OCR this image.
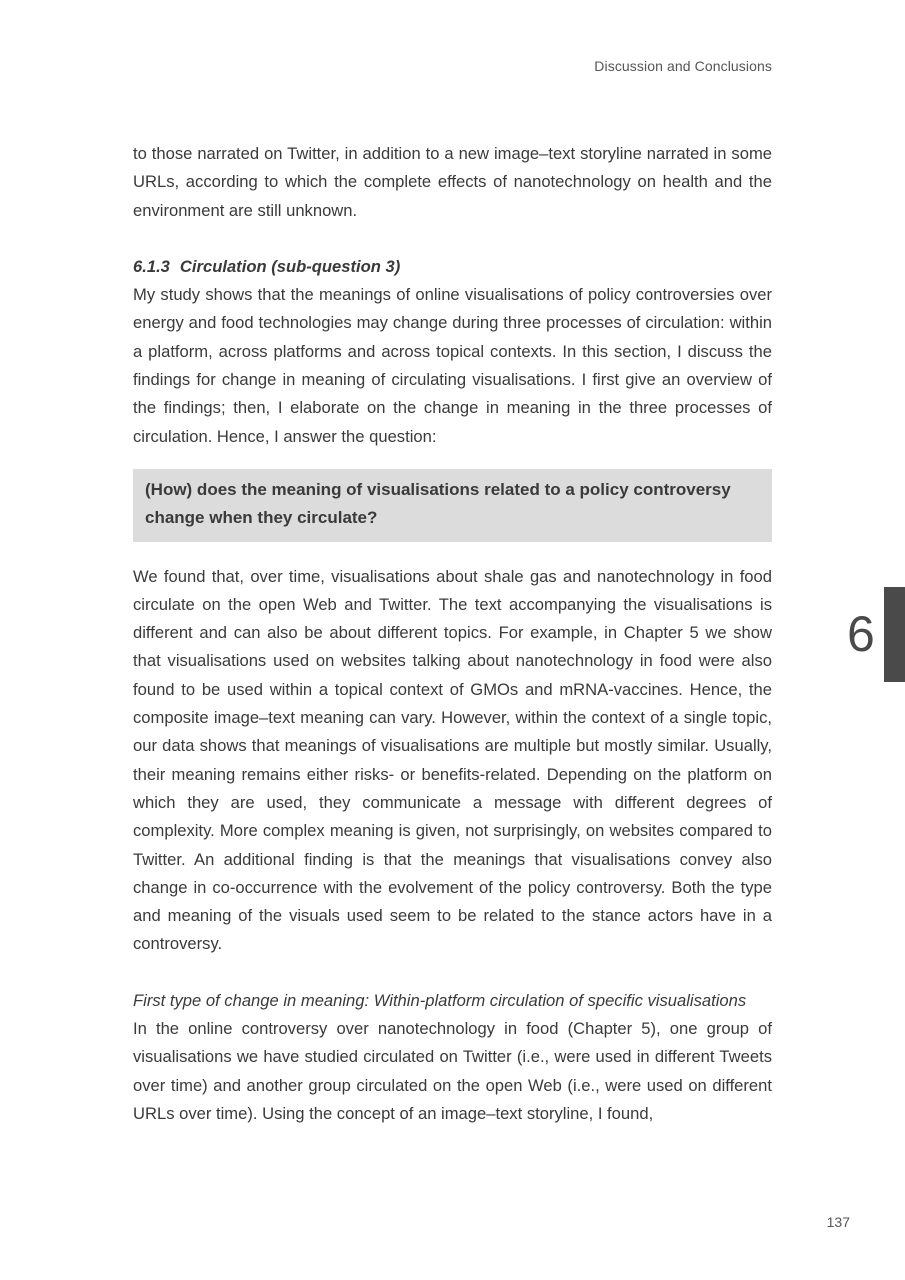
Discussion and Conclusions

to those narrated on Twitter, in addition to a new image–text storyline narrated in some URLs, according to which the complete effects of nanotechnology on health and the environment are still unknown.

6.1.3 Circulation (sub-question 3)

My study shows that the meanings of online visualisations of policy controversies over energy and food technologies may change during three processes of circulation: within a platform, across platforms and across topical contexts. In this section, I discuss the findings for change in meaning of circulating visualisations. I first give an overview of the findings; then, I elaborate on the change in meaning in the three processes of circulation. Hence, I answer the question:

(How) does the meaning of visualisations related to a policy controversy change when they circulate?

We found that, over time, visualisations about shale gas and nanotechnology in food circulate on the open Web and Twitter. The text accompanying the visualisations is different and can also be about different topics. For example, in Chapter 5 we show that visualisations used on websites talking about nanotechnology in food were also found to be used within a topical context of GMOs and mRNA-vaccines. Hence, the composite image–text meaning can vary. However, within the context of a single topic, our data shows that meanings of visualisations are multiple but mostly similar. Usually, their meaning remains either risks- or benefits-related. Depending on the platform on which they are used, they communicate a message with different degrees of complexity. More complex meaning is given, not surprisingly, on websites compared to Twitter. An additional finding is that the meanings that visualisations convey also change in co-occurrence with the evolvement of the policy controversy. Both the type and meaning of the visuals used seem to be related to the stance actors have in a controversy.

First type of change in meaning: Within-platform circulation of specific visualisations

In the online controversy over nanotechnology in food (Chapter 5), one group of visualisations we have studied circulated on Twitter (i.e., were used in different Tweets over time) and another group circulated on the open Web (i.e., were used on different URLs over time). Using the concept of an image–text storyline, I found,

6
137
